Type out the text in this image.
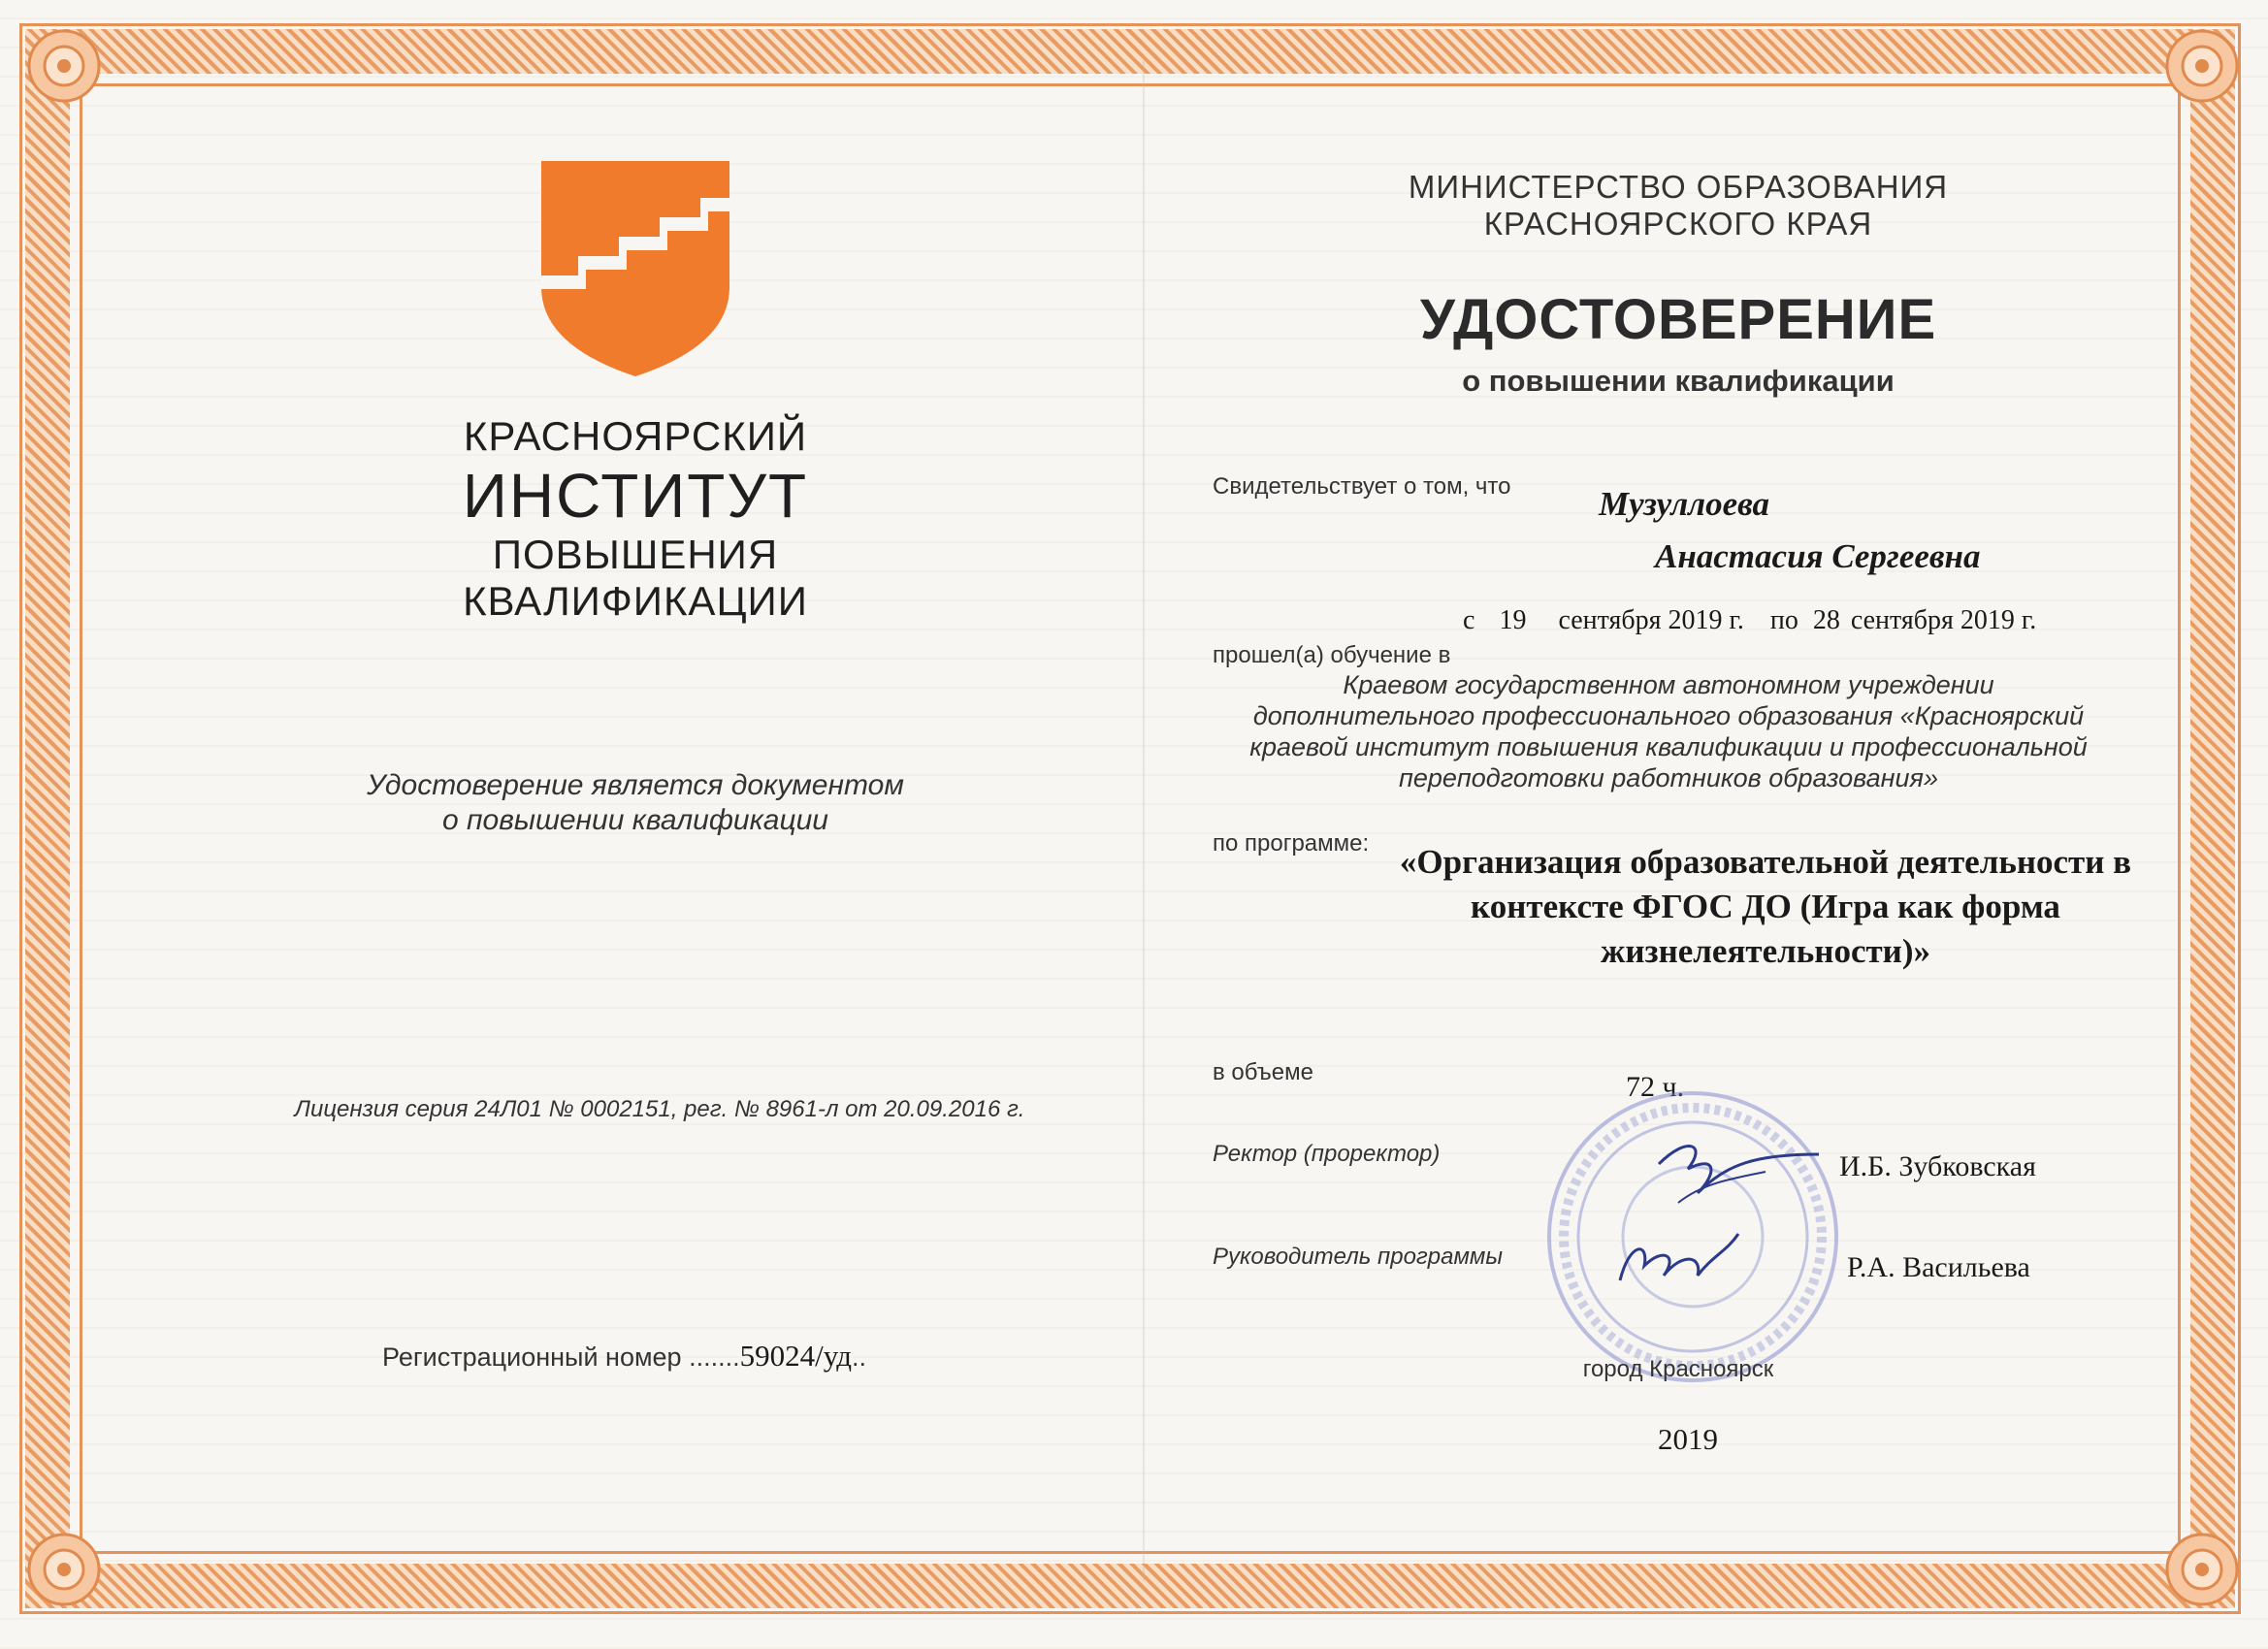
КРАСНОЯРСКИЙ
ИНСТИТУТ
ПОВЫШЕНИЯ
КВАЛИФИКАЦИИ
Удостоверение является документом
о повышении квалификации
Лицензия серия 24Л01 № 0002151, рег. № 8961-л от 20.09.2016 г.
Регистрационный номер .......59024/уд..
МИНИСТЕРСТВО ОБРАЗОВАНИЯ
КРАСНОЯРСКОГО КРАЯ
УДОСТОВЕРЕНИЕ
о повышении квалификации
Свидетельствует о том, что	Музуллоева
Анастасия Сергеевна
с 19 сентября 2019 г. по 28 сентября 2019 г.
прошел(а) обучение в
Краевом государственном автономном учреждении
дополнительного профессионального образования «Красноярский
краевой институт повышения квалификации и профессиональной
переподготовки работников образования»
по программе: «Организация образовательной деятельности в
контексте ФГОС ДО (Игра как форма
жизнелеятельности)»
в объеме	72 ч.
Ректор (проректор)	И.Б. Зубковская
Руководитель программы	Р.А. Васильева
город Красноярск
2019
